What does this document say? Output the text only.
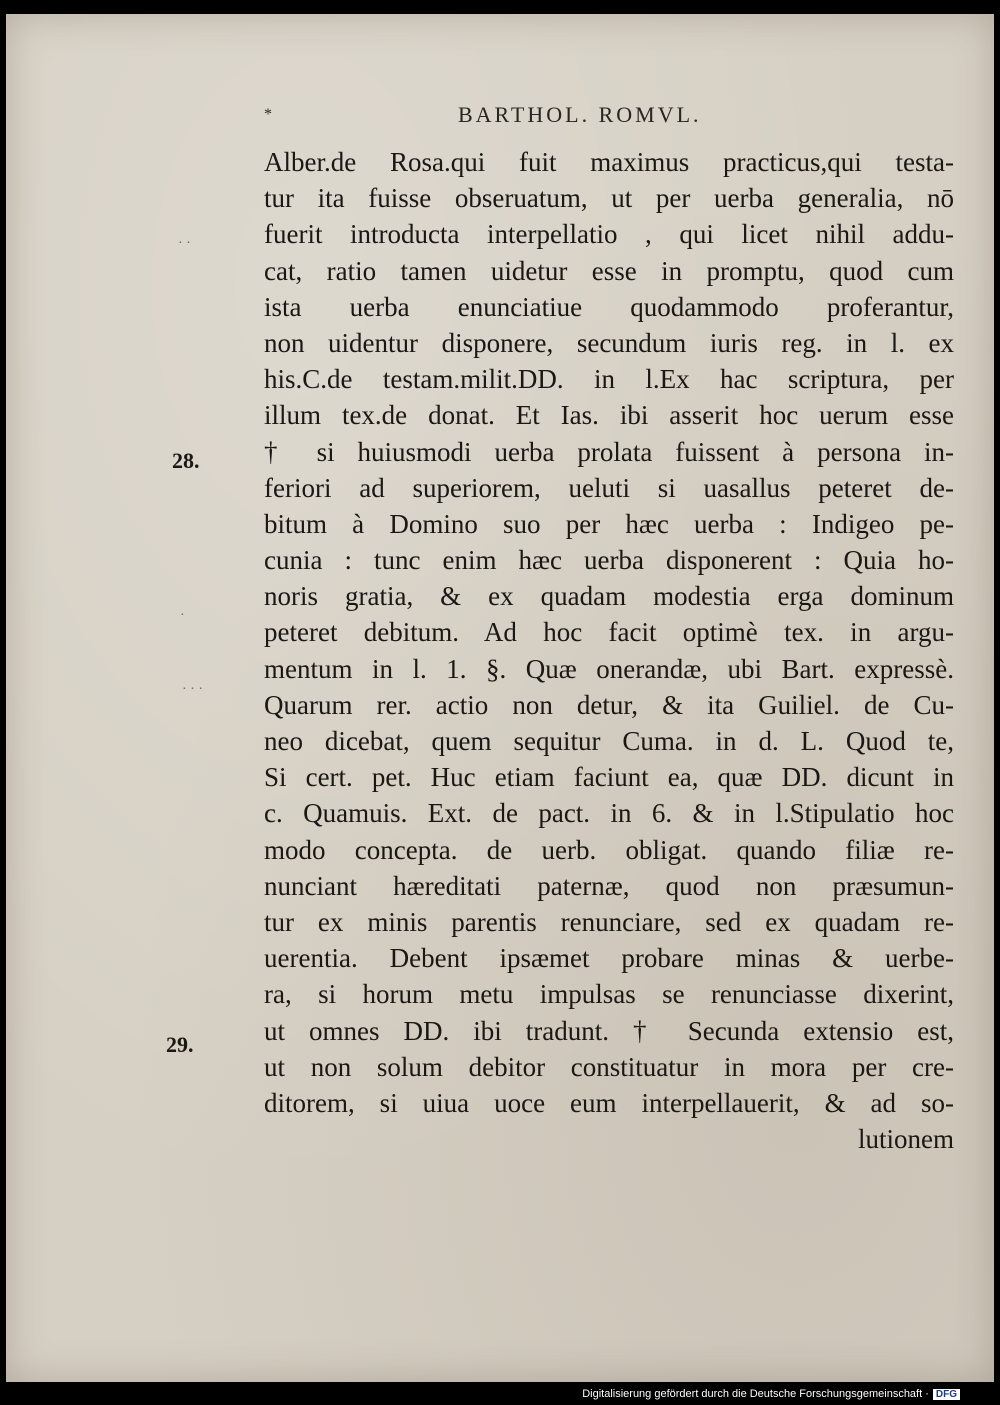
*	BARTHOL. ROMVL.
· ·
·
· · ·
28.
29.
Alber.de Rosa.qui fuit maximus practicus,qui testa-
tur ita fuisse obseruatum, ut per uerba generalia, nō
fuerit introducta interpellatio , qui licet nihil addu-
cat, ratio tamen uidetur esse in promptu, quod cum
ista uerba enunciatiue quodammodo proferantur,
non uidentur disponere, secundum iuris reg. in l. ex
his.C.de testam.milit.DD. in l.Ex hac scriptura, per
illum tex.de donat. Et Ias. ibi asserit hoc uerum esse
† si huiusmodi uerba prolata fuissent à persona in-
feriori ad superiorem, ueluti si uasallus peteret de-
bitum à Domino suo per hæc uerba : Indigeo pe-
cunia : tunc enim hæc uerba disponerent : Quia ho-
noris gratia, & ex quadam modestia erga dominum
peteret debitum. Ad hoc facit optimè tex. in argu-
mentum in l. 1. §. Quæ onerandæ, ubi Bart. expressè.
Quarum rer. actio non detur, & ita Guiliel. de Cu-
neo dicebat, quem sequitur Cuma. in d. L. Quod te,
Si cert. pet. Huc etiam faciunt ea, quæ DD. dicunt in
c. Quamuis. Ext. de pact. in 6. & in l.Stipulatio hoc
modo concepta. de uerb. obligat. quando filiæ re-
nunciant hæreditati paternæ, quod non præsumun-
tur ex minis parentis renunciare, sed ex quadam re-
uerentia. Debent ipsæmet probare minas & uerbe-
ra, si horum metu impulsas se renunciasse dixerint,
ut omnes DD. ibi tradunt. † Secunda extensio est,
ut non solum debitor constituatur in mora per cre-
ditorem, si uiua uoce eum interpellauerit, & ad so-
lutionem
Digitalisierung gefördert durch die Deutsche Forschungsgemeinschaft · DFG
